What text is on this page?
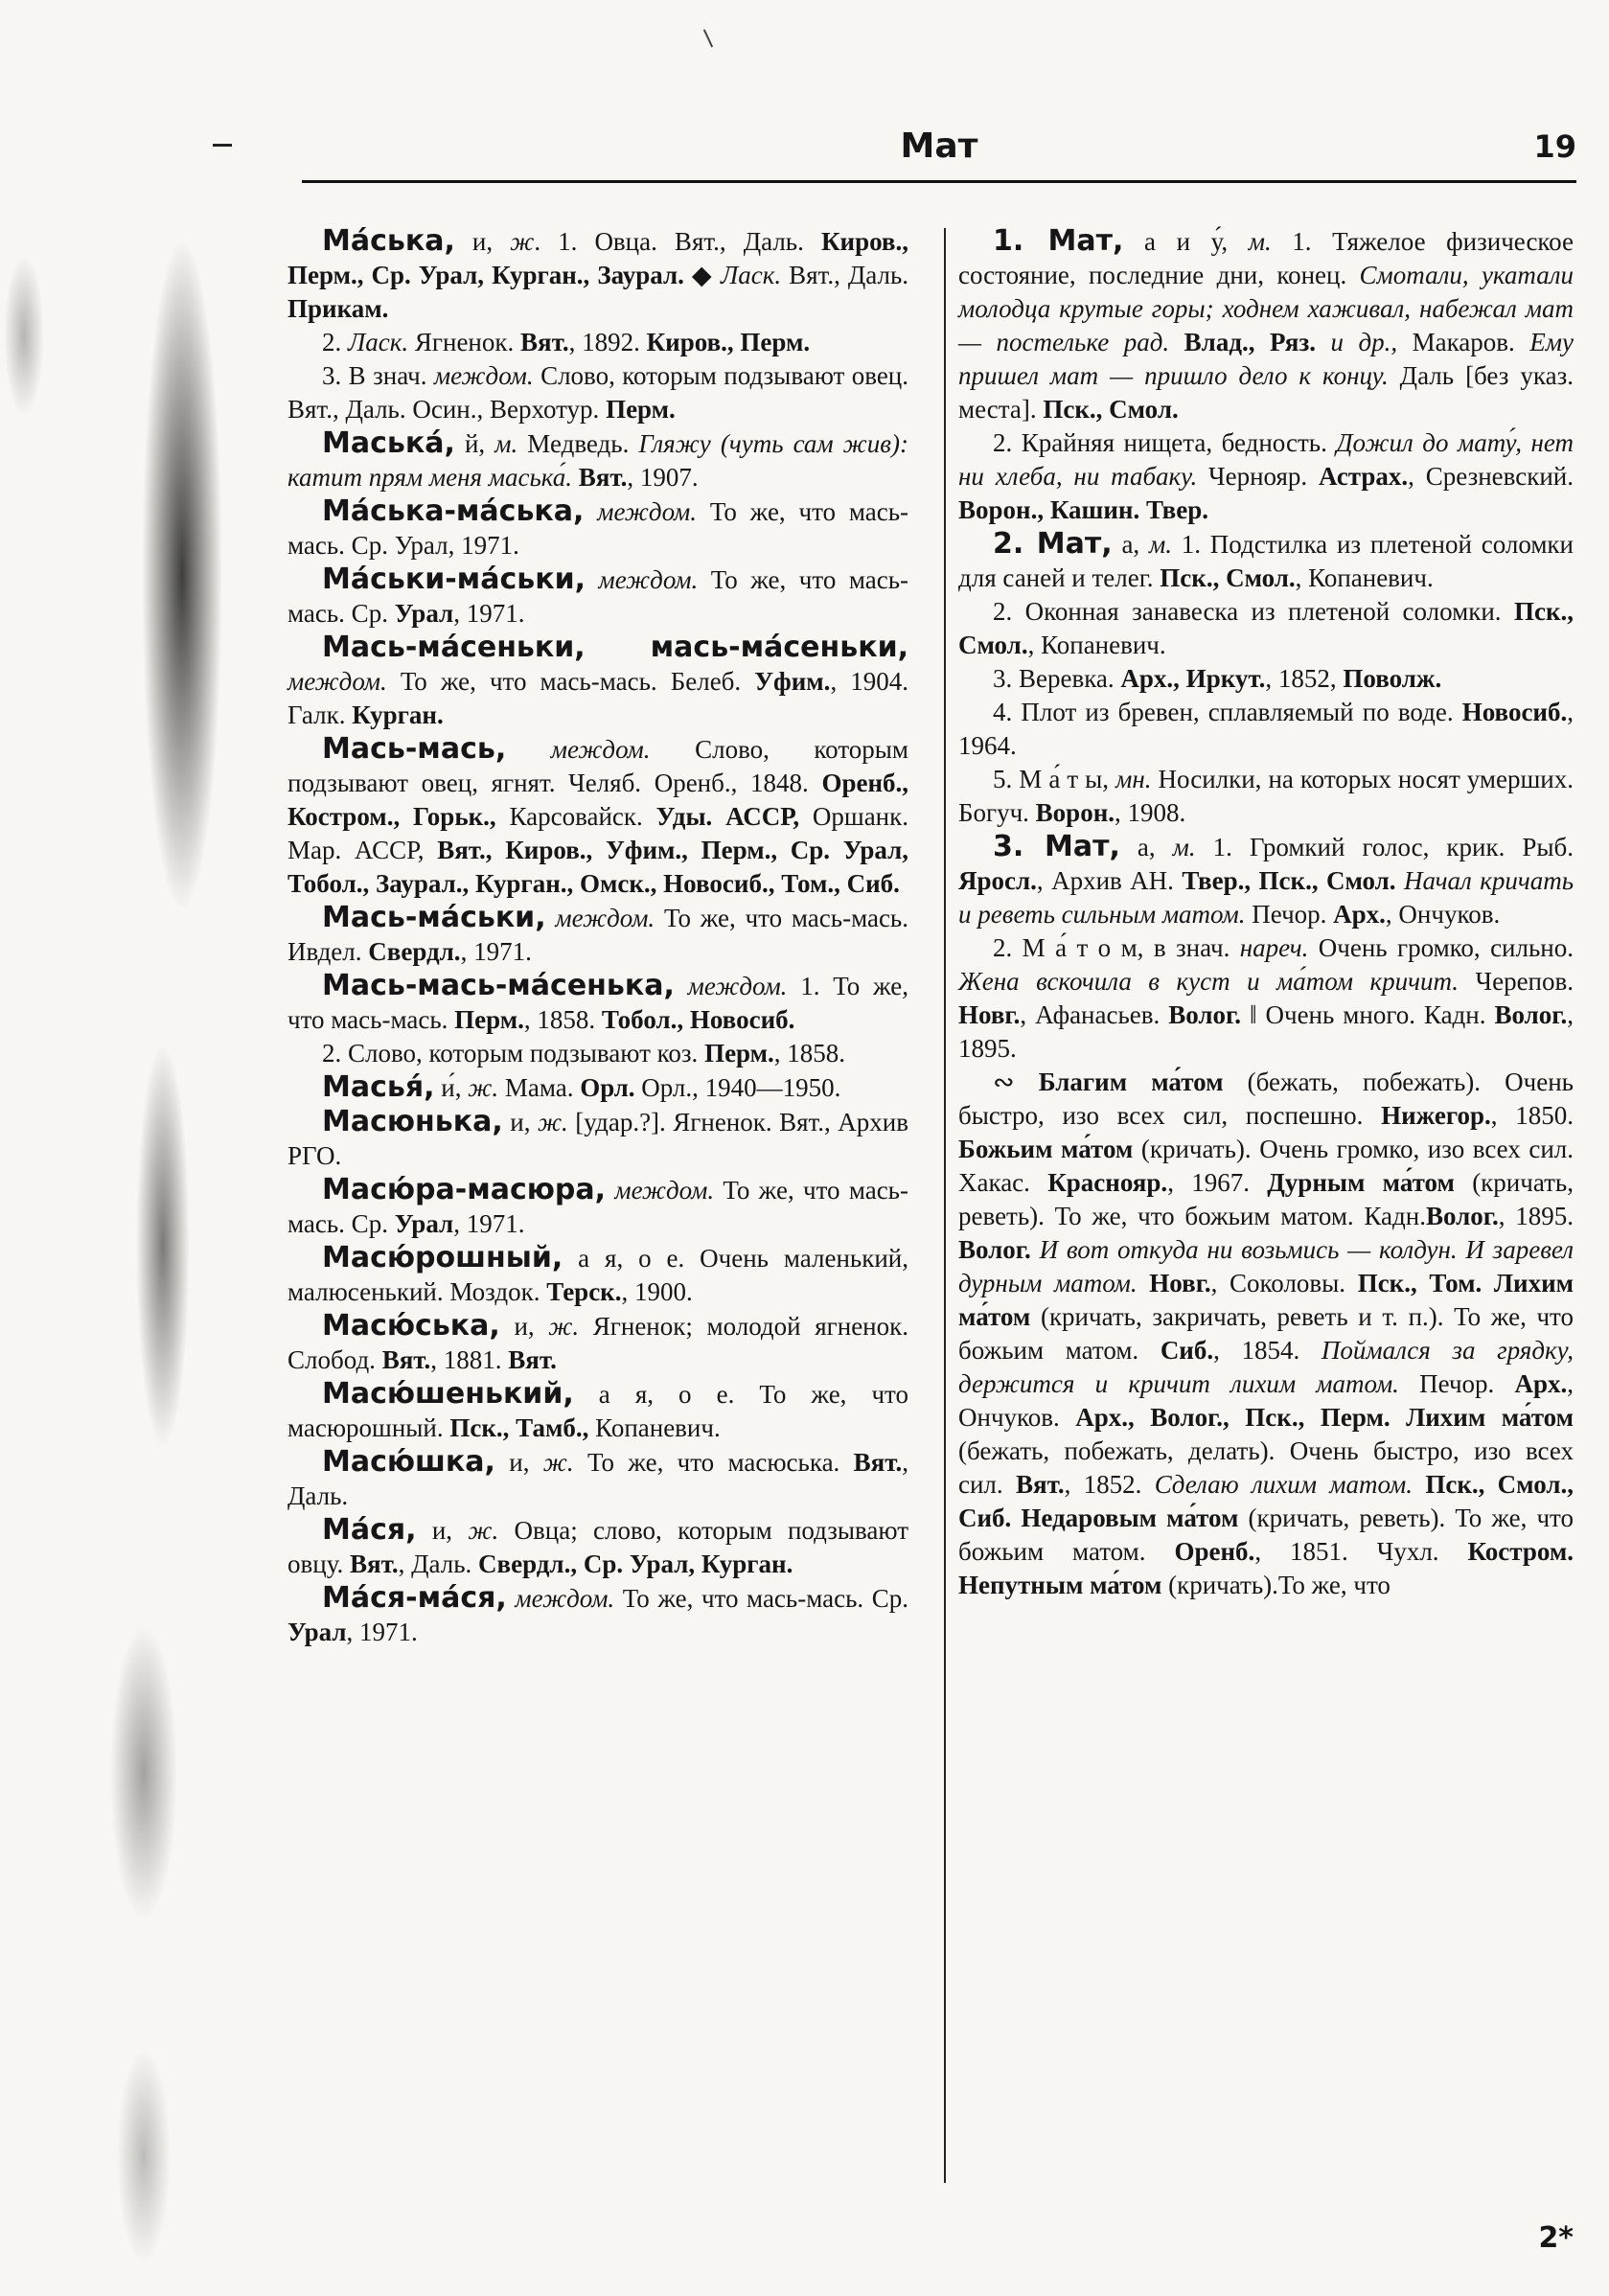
Мат	19
Ма́ська, и, ж. 1. Овца. Вят., Даль. Киров., Перм., Ср. Урал, Курган., Заурал. ◆ Ласк. Вят., Даль. Прикам.
2. Ласк. Ягненок. Вят., 1892. Киров., Перм.
3. В знач. междом. Слово, которым подзывают овец. Вят., Даль. Осин., Верхотур. Перм.
Маська́, й, м. Медведь. Гляжу (чуть сам жив): катит прям меня маська́. Вят., 1907.
Ма́ська-ма́ська, междом. То же, что мась-мась. Ср. Урал, 1971.
Ма́ськи-ма́ськи, междом. То же, что мась-мась. Ср. Урал, 1971.
Мась-ма́сеньки, мась-ма́сеньки, междом. То же, что мась-мась. Белеб. Уфим., 1904. Галк. Курган.
Мась-мась, междом. Слово, которым подзывают овец, ягнят. Челяб. Оренб., 1848. Оренб., Костром., Горьк., Карсовайск. Уды. АССР, Оршанк. Мар. АССР, Вят., Киров., Уфим., Перм., Ср. Урал, Тобол., Заурал., Курган., Омск., Новосиб., Том., Сиб.
Мась-ма́ськи, междом. То же, что мась-мась. Ивдел. Свердл., 1971.
Мась-мась-ма́сенька, междом. 1. То же, что мась-мась. Перм., 1858. Тобол., Новосиб.
2. Слово, которым подзывают коз. Перм., 1858.
Масья́, и́, ж. Мама. Орл. Орл., 1940—1950.
Масюнька, и, ж. [удар.?]. Ягненок. Вят., Архив РГО.
Масю́ра-масюра, междом. То же, что мась-мась. Ср. Урал, 1971.
Масю́рошный, а я, о е. Очень маленький, малюсенький. Моздок. Терск., 1900.
Масю́ська, и, ж. Ягненок; молодой ягненок. Слобод. Вят., 1881. Вят.
Масю́шенький, а я, о е. То же, что масюрошный. Пск., Тамб., Копаневич.
Масю́шка, и, ж. То же, что масюська. Вят., Даль.
Ма́ся, и, ж. Овца; слово, которым подзывают овцу. Вят., Даль. Свердл., Ср. Урал, Курган.
Ма́ся-ма́ся, междом. То же, что мась-мась. Ср. Урал, 1971.
1. Мат, а и у́, м. 1. Тяжелое физическое состояние, последние дни, конец. Смотали, укатали молодца крутые горы; ходнем хаживал, набежал мат — постельке рад. Влад., Ряз. и др., Макаров. Ему пришел мат — пришло дело к концу. Даль [без указ. места]. Пск., Смол.
2. Крайняя нищета, бедность. Дожил до мату́, нет ни хлеба, ни табаку. Чернояр. Астрах., Срезневский. Ворон., Кашин. Твер.
2. Мат, а, м. 1. Подстилка из плетеной соломки для саней и телег. Пск., Смол., Копаневич.
2. Оконная занавеска из плетеной соломки. Пск., Смол., Копаневич.
3. Веревка. Арх., Иркут., 1852, Поволж.
4. Плот из бревен, сплавляемый по воде. Новосиб., 1964.
5. М а́ т ы, мн. Носилки, на которых носят умерших. Богуч. Ворон., 1908.
3. Мат, а, м. 1. Громкий голос, крик. Рыб. Яросл., Архив АН. Твер., Пск., Смол. Начал кричать и реветь сильным матом. Печор. Арх., Ончуков.
2. М а́ т о м, в знач. нареч. Очень громко, сильно. Жена вскочила в куст и ма́том кричит. Черепов. Новг., Афанасьев. Волог. ‖ Очень много. Кадн. Волог., 1895.
∾ Благим ма́том (бежать, побежать). Очень быстро, изо всех сил, поспешно. Нижегор., 1850. Божьим ма́том (кричать). Очень громко, изо всех сил. Хакас. Краснояр., 1967. Дурным ма́том (кричать, реветь). То же, что божьим матом. Кадн.Волог., 1895. Волог. И вот откуда ни возьмись — колдун. И заревел дурным матом. Новг., Соколовы. Пск., Том. Лихим ма́том (кричать, закричать, реветь и т. п.). То же, что божьим матом. Сиб., 1854. Поймался за грядку, держится и кричит лихим матом. Печор. Арх., Ончуков. Арх., Волог., Пск., Перм. Лихим ма́том (бежать, побежать, делать). Очень быстро, изо всех сил. Вят., 1852. Сделаю лихим матом. Пск., Смол., Сиб. Недаровым ма́том (кричать, реветь). То же, что божьим матом. Оренб., 1851. Чухл. Костром. Непутным ма́том (кричать).То же, что
2*
